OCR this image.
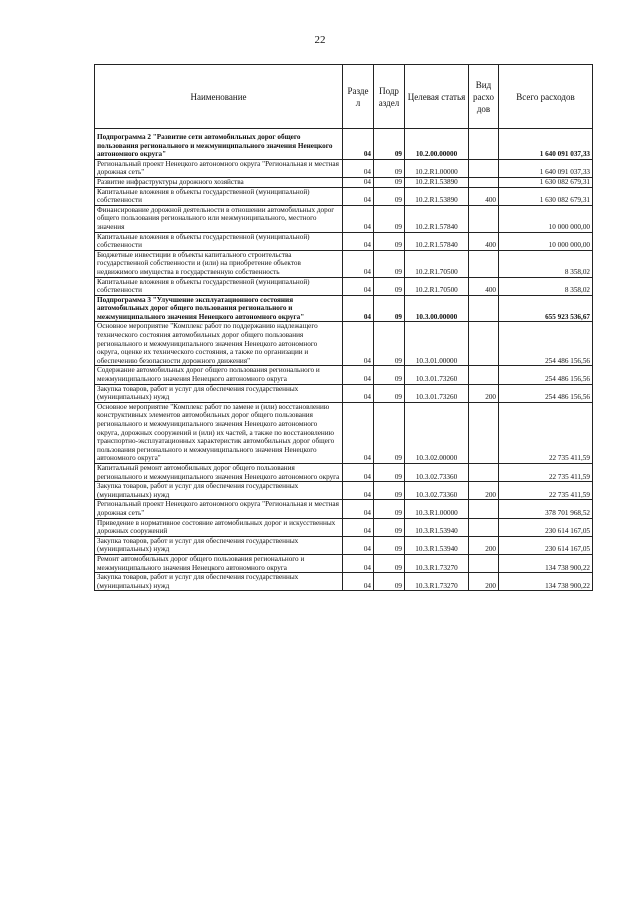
22
Наименование	Разде л	Подр аздел	Целевая статья	Вид расхо дов	Всего расходов
Подпрограмма 2 "Развитие сети автомобильных дорог общего пользования регионального и межмуниципального значения Ненецкого автономного округа"	04	09	10.2.00.00000		1 640 091 037,33
Региональный проект Ненецкого автономного округа "Региональная и местная дорожная сеть"	04	09	10.2.R1.00000		1 640 091 037,33
Развитие инфраструктуры дорожного хозяйства	04	09	10.2.R1.53890		1 630 082 679,31
Капитальные вложения в объекты государственной (муниципальной) собственности	04	09	10.2.R1.53890	400	1 630 082 679,31
Финансирование дорожной деятельности в отношении автомобильных дорог общего пользования регионального или межмуниципального, местного значения	04	09	10.2.R1.57840		10 000 000,00
Капитальные вложения в объекты государственной (муниципальной) собственности	04	09	10.2.R1.57840	400	10 000 000,00
Бюджетные инвестиции в объекты капитального строительства государственной собственности и (или) на приобретение объектов недвижимого имущества в государственную собственность	04	09	10.2.R1.70500		8 358,02
Капитальные вложения в объекты государственной (муниципальной) собственности	04	09	10.2.R1.70500	400	8 358,02
Подпрограмма 3 "Улучшение эксплуатационного состояния автомобильных дорог общего пользования регионального и межмуниципального значения Ненецкого автономного округа"	04	09	10.3.00.00000		655 923 536,67
Основное мероприятие "Комплекс работ по поддержанию надлежащего технического состояния автомобильных дорог общего пользования регионального и межмуниципального значения Ненецкого автономного округа, оценке их технического состояния, а также по организации и обеспечению безопасности дорожного движения"	04	09	10.3.01.00000		254 486 156,56
Содержание автомобильных дорог общего пользования регионального и межмуниципального значения Ненецкого автономного округа	04	09	10.3.01.73260		254 486 156,56
Закупка товаров, работ и услуг для обеспечения государственных (муниципальных) нужд	04	09	10.3.01.73260	200	254 486 156,56
Основное мероприятие "Комплекс работ по замене и (или) восстановлению конструктивных элементов автомобильных дорог общего пользования регионального и межмуниципального значения Ненецкого автономного округа, дорожных сооружений и (или) их частей, а также по восстановлению транспортно-эксплуатационных характеристик автомобильных дорог общего пользования регионального и межмуниципального значения Ненецкого автономного округа"	04	09	10.3.02.00000		22 735 411,59
Капитальный ремонт автомобильных дорог общего пользования регионального и межмуниципального значения Ненецкого автономного округа	04	09	10.3.02.73360		22 735 411,59
Закупка товаров, работ и услуг для обеспечения государственных (муниципальных) нужд	04	09	10.3.02.73360	200	22 735 411,59
Региональный проект Ненецкого автономного округа "Региональная и местная дорожная сеть"	04	09	10.3.R1.00000		378 701 968,52
Приведение в нормативное состояние автомобильных дорог и искусственных дорожных сооружений	04	09	10.3.R1.53940		230 614 167,05
Закупка товаров, работ и услуг для обеспечения государственных (муниципальных) нужд	04	09	10.3.R1.53940	200	230 614 167,05
Ремонт автомобильных дорог общего пользования регионального и межмуниципального значения Ненецкого автономного округа	04	09	10.3.R1.73270		134 738 900,22
Закупка товаров, работ и услуг для обеспечения государственных (муниципальных) нужд	04	09	10.3.R1.73270	200	134 738 900,22
